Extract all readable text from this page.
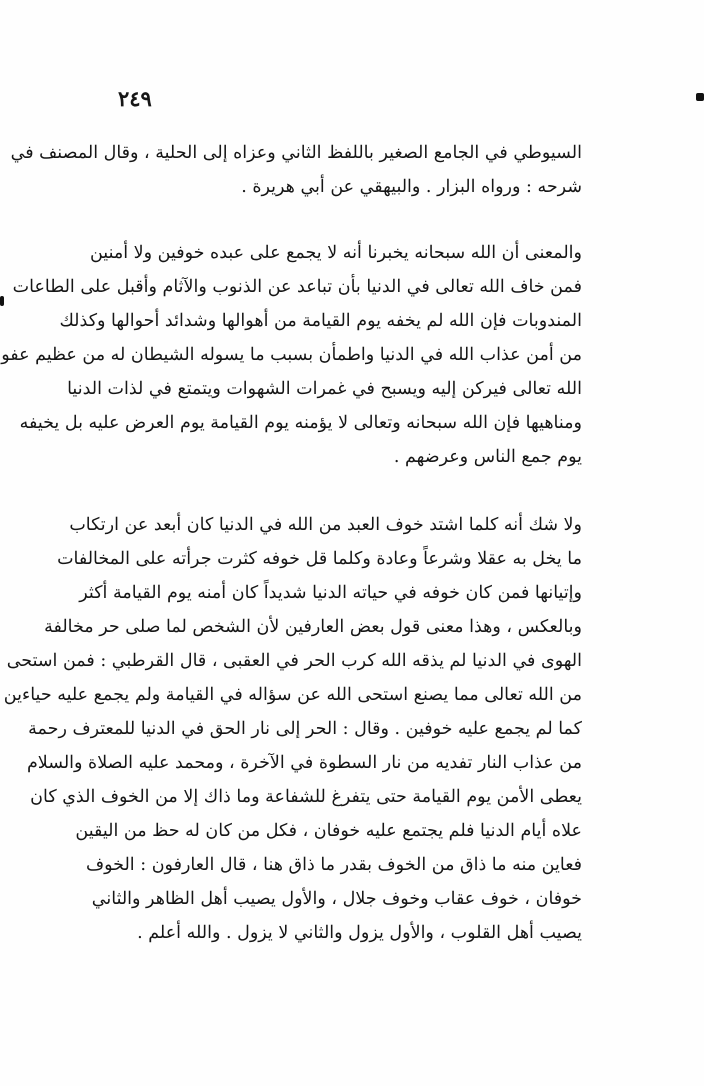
٢٤٩
السيوطي في الجامع الصغير باللفظ الثاني وعزاه إلى الحلية ، وقال المصنف في
شرحه : ورواه البزار . والبيهقي عن أبي هريرة .
والمعنى أن الله سبحانه يخبرنا أنه لا يجمع على عبده خوفين ولا أمنين
فمن خاف الله تعالى في الدنيا بأن تباعد عن الذنوب والآثام وأقبل على الطاعات
المندوبات فإن الله لم يخفه يوم القيامة من أهوالها وشدائد أحوالها وكذلك
من أمن عذاب الله في الدنيا واطمأن بسبب ما يسوله الشيطان له من عظيم عفو
الله تعالى فيركن إليه ويسبح في غمرات الشهوات ويتمتع في لذات الدنيا
ومناهيها فإن الله سبحانه وتعالى لا يؤمنه يوم القيامة يوم العرض عليه بل يخيفه
يوم جمع الناس وعرضهم .
ولا شك أنه كلما اشتد خوف العبد من الله في الدنيا كان أبعد عن ارتكاب
ما يخل به عقلا وشرعاً وعادة وكلما قل خوفه كثرت جرأته على المخالفات
وإتيانها فمن كان خوفه في حياته الدنيا شديداً كان أمنه يوم القيامة أكثر
وبالعكس ، وهذا معنى قول بعض العارفين لأن الشخص لما صلى حر مخالفة
الهوى في الدنيا لم يذقه الله كرب الحر في العقبى ، قال القرطبي : فمن استحى
من الله تعالى مما يصنع استحى الله عن سؤاله في القيامة ولم يجمع عليه حياءين
كما لم يجمع عليه خوفين . وقال : الحر إلى نار الحق في الدنيا للمعترف رحمة
من عذاب النار تفديه من نار السطوة في الآخرة ، ومحمد عليه الصلاة والسلام
يعطى الأمن يوم القيامة حتى يتفرغ للشفاعة وما ذاك إلا من الخوف الذي كان
علاه أيام الدنيا فلم يجتمع عليه خوفان ، فكل من كان له حظ من اليقين
فعاين منه ما ذاق من الخوف بقدر ما ذاق هنا ، قال العارفون : الخوف
خوفان ، خوف عقاب وخوف جلال ، والأول يصيب أهل الظاهر والثاني
يصيب أهل القلوب ، والأول يزول والثاني لا يزول . والله أعلم .
